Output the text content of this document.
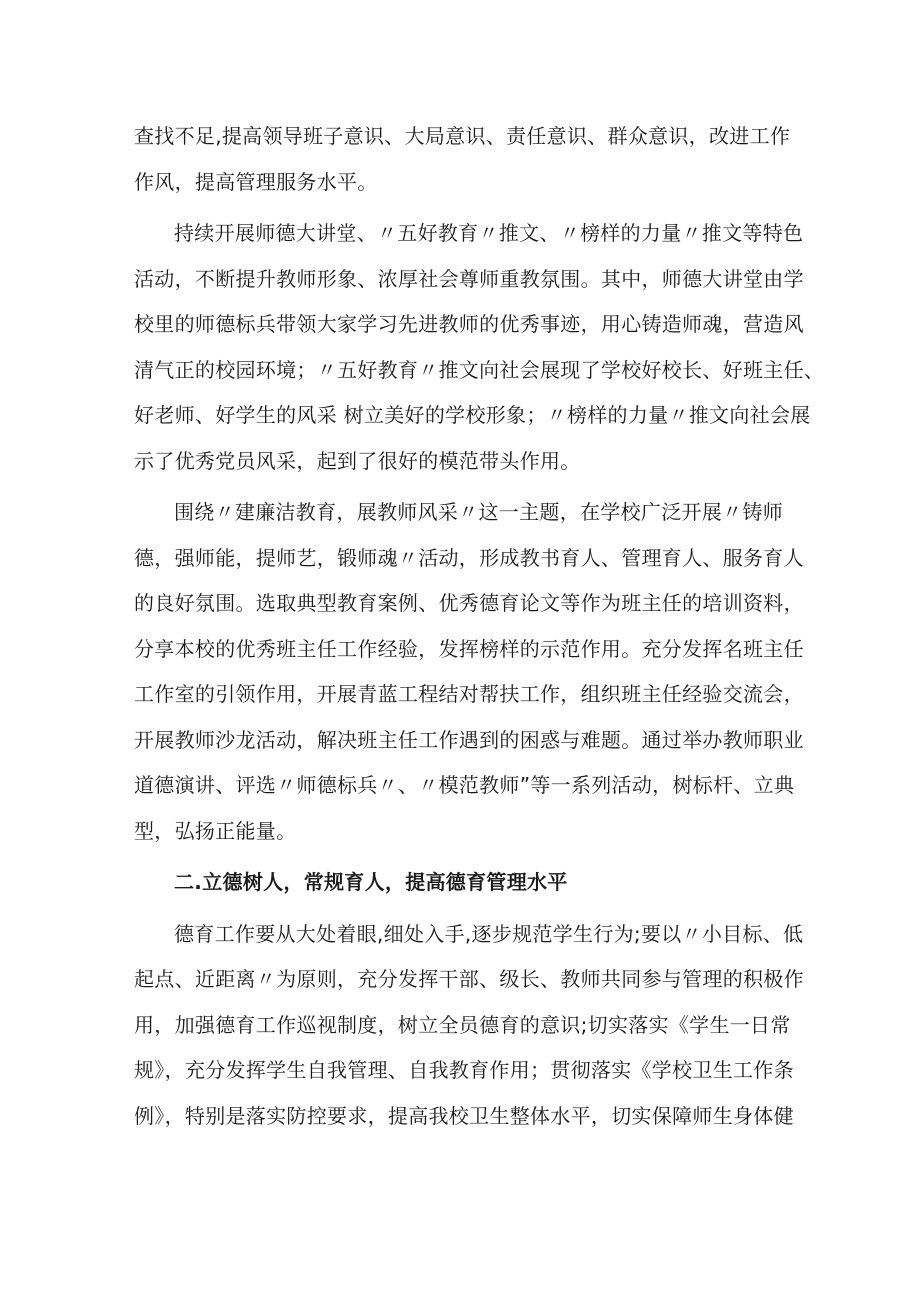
查找不足,提高领导班子意识、大局意识、责任意识、群众意识，改进工作
作风，提高管理服务水平。
持续开展师德大讲堂、〃五好教育〃推文、〃榜样的力量〃推文等特色
活动，不断提升教师形象、浓厚社会尊师重教氛围。其中，师德大讲堂由学
校里的师德标兵带领大家学习先进教师的优秀事迹，用心铸造师魂，营造风
清气正的校园环境；〃五好教育〃推文向社会展现了学校好校长、好班主任、
好老师、好学生的风采 树立美好的学校形象；〃榜样的力量〃推文向社会展
示了优秀党员风采，起到了很好的模范带头作用。
围绕〃建廉洁教育，展教师风采〃这一主题，在学校广泛开展〃铸师
德，强师能，提师艺，锻师魂〃活动，形成教书育人、管理育人、服务育人
的良好氛围。选取典型教育案例、优秀德育论文等作为班主任的培训资料，
分享本校的优秀班主任工作经验，发挥榜样的示范作用。充分发挥名班主任
工作室的引领作用，开展青蓝工程结对帮扶工作，组织班主任经验交流会，
开展教师沙龙活动，解决班主任工作遇到的困惑与难题。通过举办教师职业
道德演讲、评选〃师德标兵〃、〃模范教师”等一系列活动，树标杆、立典
型，弘扬正能量。
二.立德树人，常规育人，提高德育管理水平
德育工作要从大处着眼,细处入手,逐步规范学生行为;要以〃小目标、低
起点、近距离〃为原则，充分发挥干部、级长、教师共同参与管理的积极作
用，加强德育工作巡视制度，树立全员德育的意识;切实落实《学生一日常
规》，充分发挥学生自我管理、自我教育作用；贯彻落实《学校卫生工作条
例》，特别是落实防控要求，提高我校卫生整体水平，切实保障师生身体健
